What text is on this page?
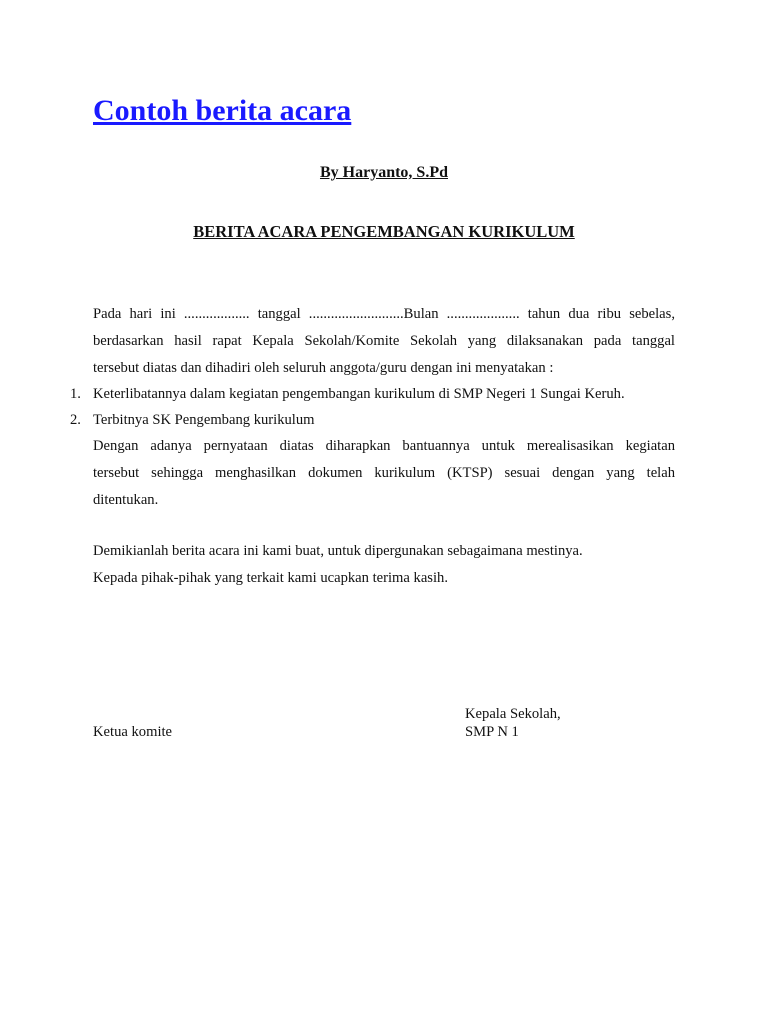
Contoh berita acara
By Haryanto, S.Pd
BERITA ACARA PENGEMBANGAN KURIKULUM
Pada hari ini .................. tanggal ..........................Bulan .................... tahun dua ribu sebelas,
berdasarkan hasil rapat Kepala Sekolah/Komite Sekolah yang dilaksanakan pada tanggal
tersebut diatas dan dihadiri oleh seluruh anggota/guru dengan ini menyatakan :
1. Keterlibatannya dalam kegiatan pengembangan kurikulum di SMP Negeri 1 Sungai Keruh.
2. Terbitnya SK Pengembang kurikulum
Dengan adanya pernyataan diatas diharapkan bantuannya untuk merealisasikan kegiatan
tersebut sehingga menghasilkan dokumen kurikulum (KTSP) sesuai dengan yang telah
ditentukan.
Demikianlah berita acara ini kami buat, untuk dipergunakan sebagaimana mestinya.
Kepada pihak-pihak yang terkait kami ucapkan terima kasih.
Ketua komite
Kepala Sekolah,
SMP N 1
